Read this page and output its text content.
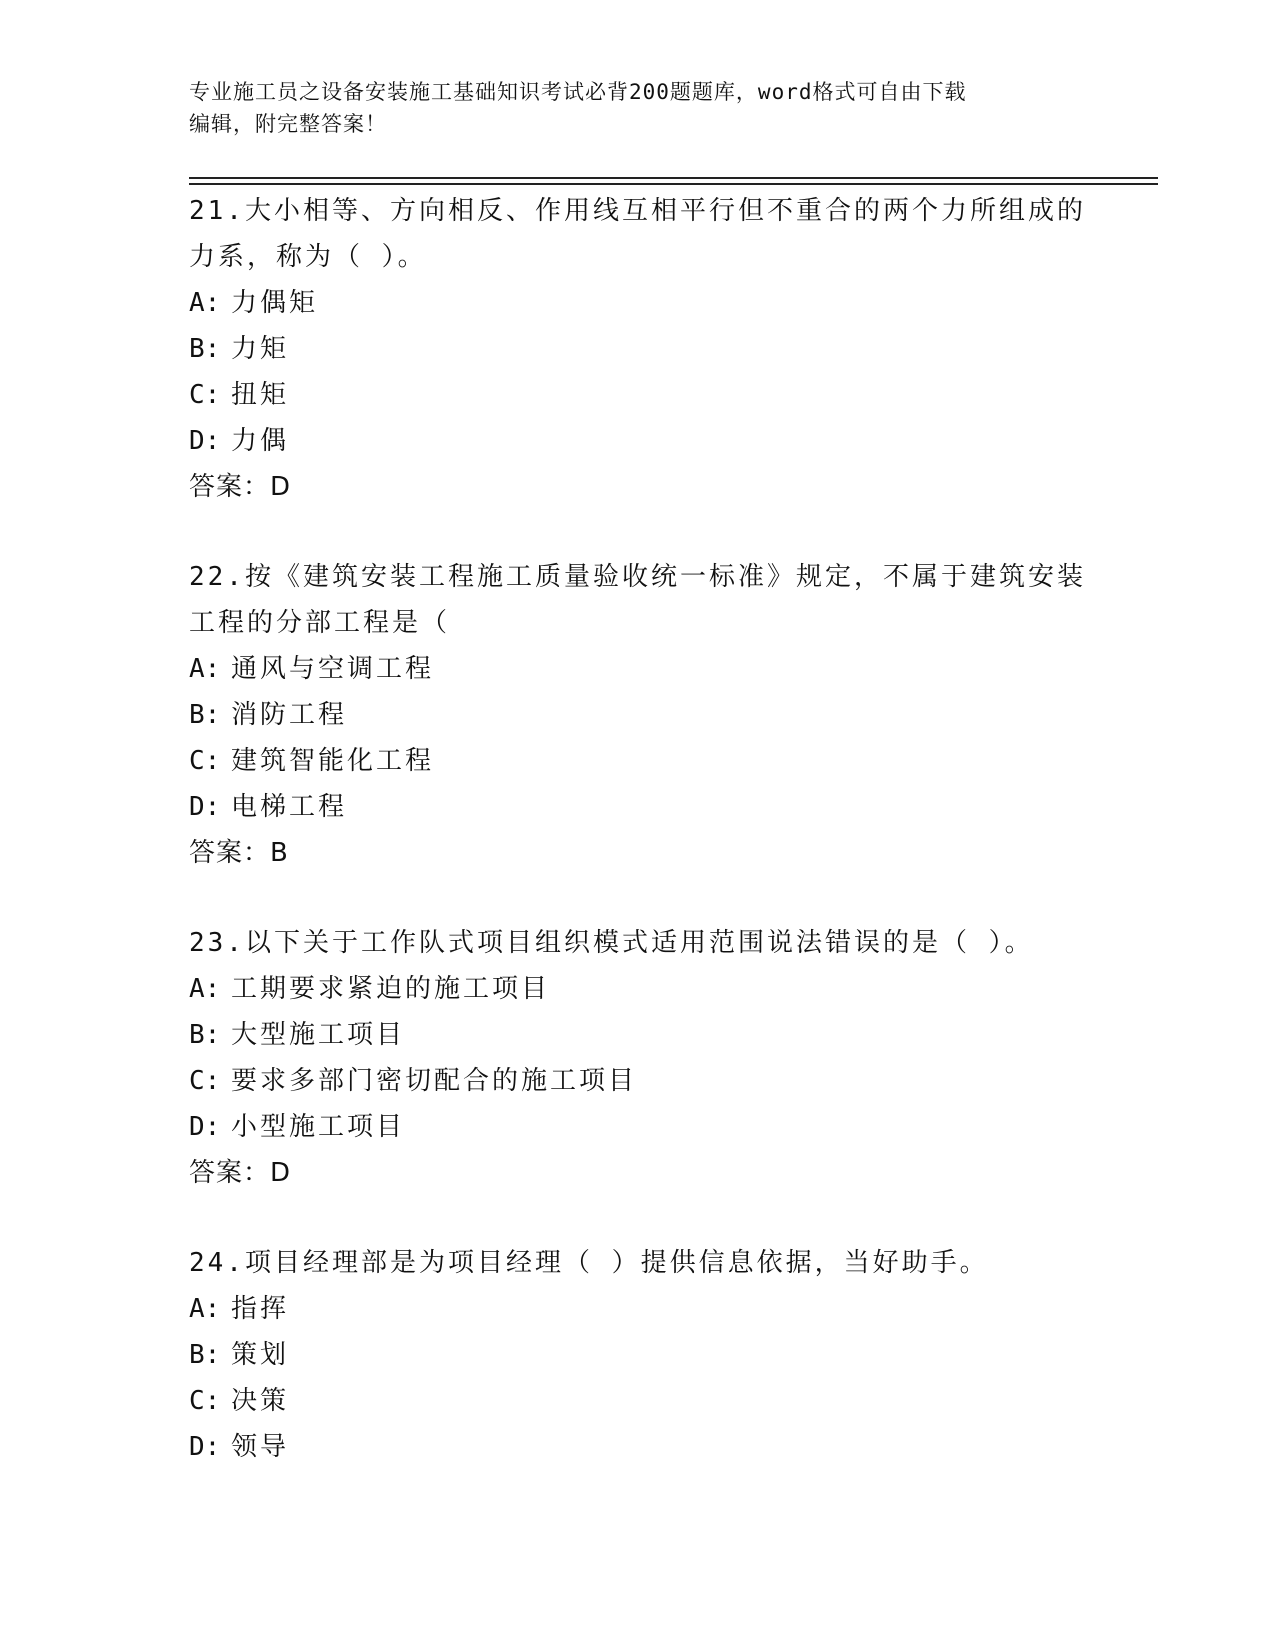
专业施工员之设备安装施工基础知识考试必背200题题库，word格式可自由下载
编辑，附完整答案！
21.大小相等、方向相反、作用线互相平行但不重合的两个力所组成的
力系，称为（ ）。
A: 力偶矩
B: 力矩
C: 扭矩
D: 力偶
答案：D
22.按《建筑安装工程施工质量验收统一标准》规定，不属于建筑安装
工程的分部工程是（
A: 通风与空调工程
B: 消防工程
C: 建筑智能化工程
D: 电梯工程
答案：B
23.以下关于工作队式项目组织模式适用范围说法错误的是（ ）。
A: 工期要求紧迫的施工项目
B: 大型施工项目
C: 要求多部门密切配合的施工项目
D: 小型施工项目
答案：D
24.项目经理部是为项目经理（ ）提供信息依据，当好助手。
A: 指挥
B: 策划
C: 决策
D: 领导
